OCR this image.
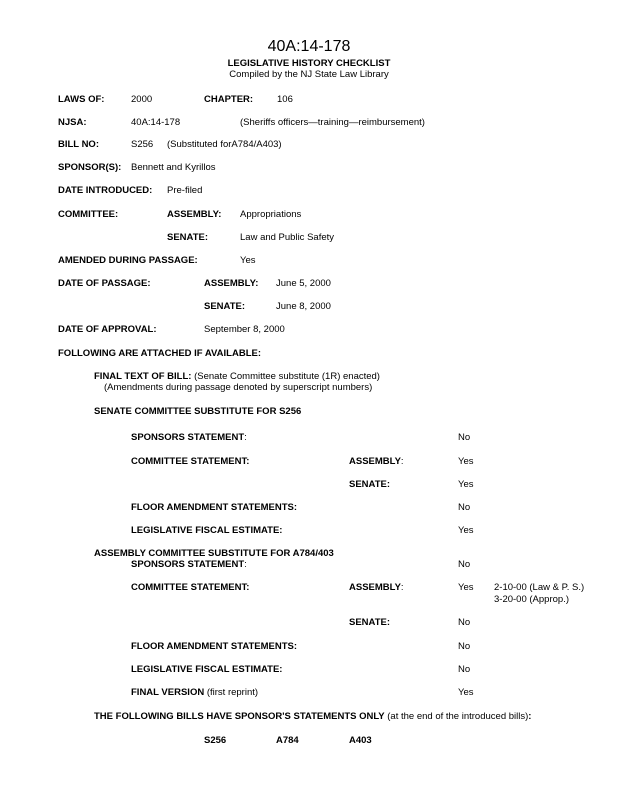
40A:14-178
LEGISLATIVE HISTORY CHECKLIST
Compiled by the NJ State Law Library
LAWS OF:	2000	CHAPTER:	106
NJSA:	40A:14-178	(Sheriffs officers—training—reimbursement)
BILL NO:	S256 (Substituted forA784/A403)
SPONSOR(S): Bennett and Kyrillos
DATE INTRODUCED: Pre-filed
COMMITTEE:	ASSEMBLY: Appropriations
SENATE:	Law and Public Safety
AMENDED DURING PASSAGE:	Yes
DATE OF PASSAGE:	ASSEMBLY: June 5, 2000
SENATE:	June 8, 2000
DATE OF APPROVAL:	September 8, 2000
FOLLOWING ARE ATTACHED IF AVAILABLE:
FINAL TEXT OF BILL: (Senate Committee substitute (1R) enacted)
(Amendments during passage denoted by superscript numbers)
SENATE COMMITTEE SUBSTITUTE FOR S256
SPONSORS STATEMENT:	No
COMMITTEE STATEMENT:	ASSEMBLY:	Yes
SENATE:	Yes
FLOOR AMENDMENT STATEMENTS:	No
LEGISLATIVE FISCAL ESTIMATE:	Yes
ASSEMBLY COMMITTEE SUBSTITUTE FOR A784/403
SPONSORS STATEMENT:	No
COMMITTEE STATEMENT:	ASSEMBLY:	Yes 2-10-00 (Law & P. S.)
3-20-00 (Approp.)
SENATE:	No
FLOOR AMENDMENT STATEMENTS:	No
LEGISLATIVE FISCAL ESTIMATE:	No
FINAL VERSION (first reprint)	Yes
THE FOLLOWING BILLS HAVE SPONSOR'S STATEMENTS ONLY (at the end of the introduced bills):
S256	A784	A403
